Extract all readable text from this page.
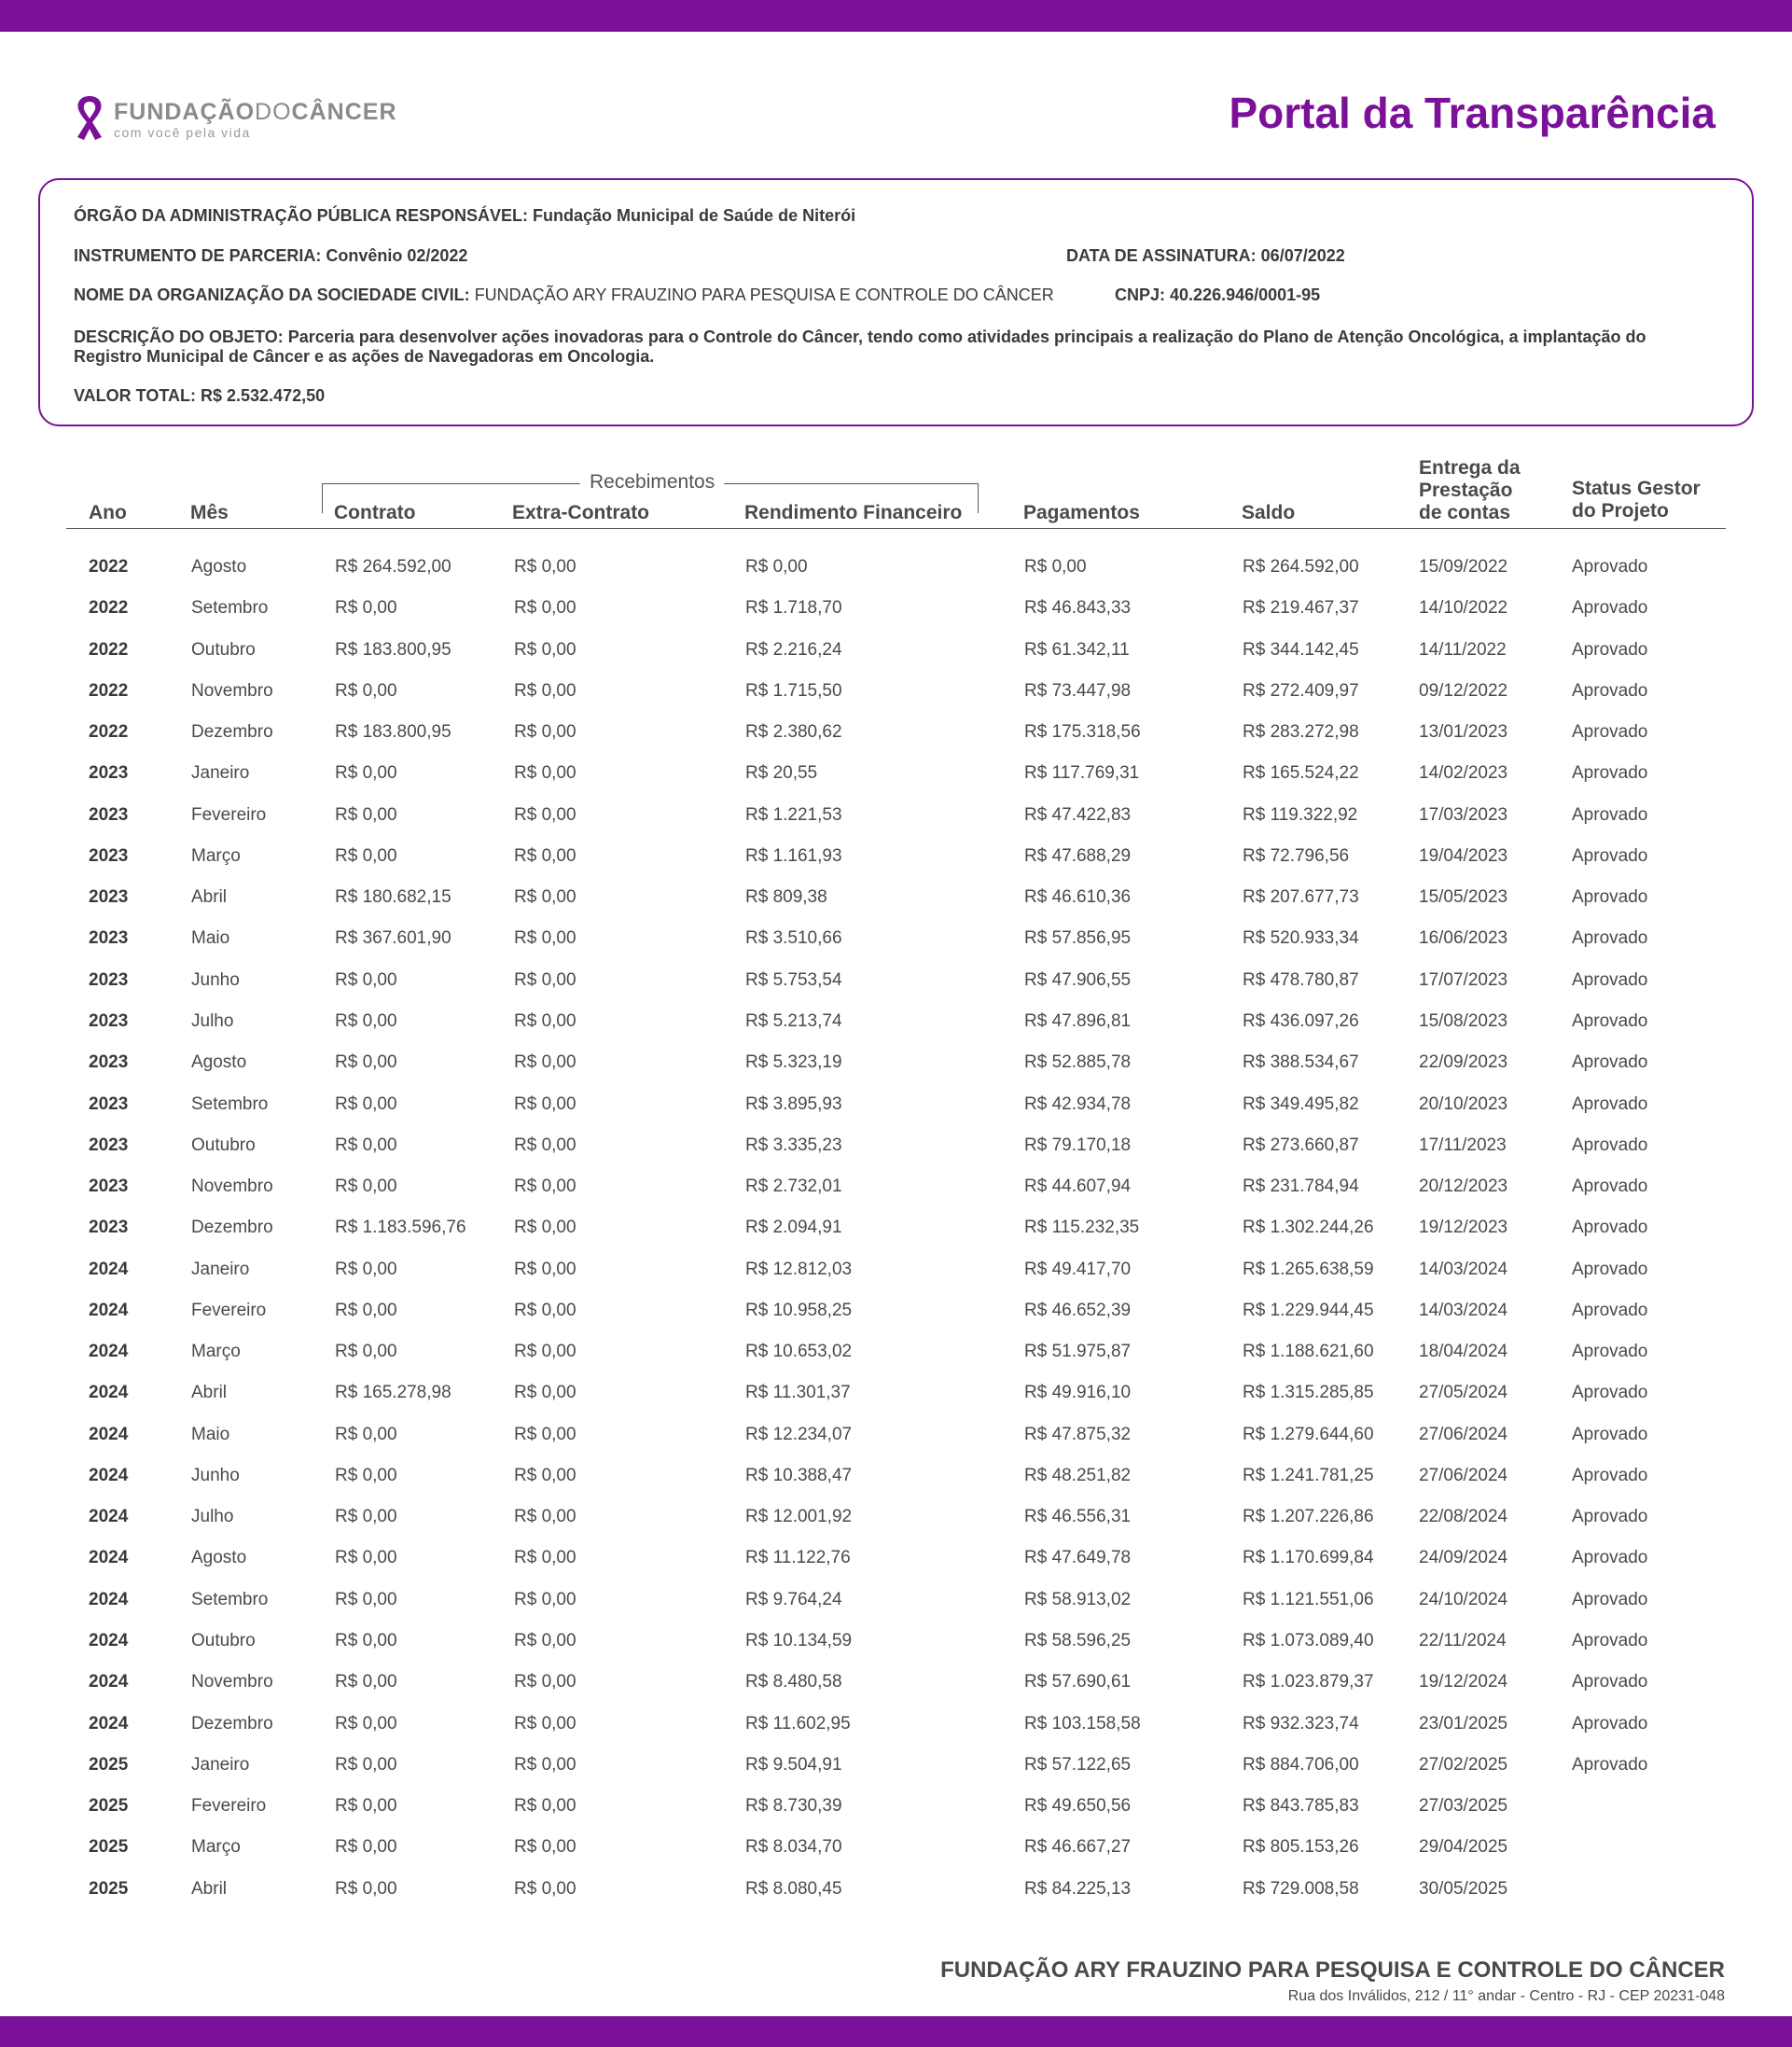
FUNDAÇÃODOCÂNCER
com você pela vida	Portal da Transparência
ÓRGÃO DA ADMINISTRAÇÃO PÚBLICA RESPONSÁVEL: Fundação Municipal de Saúde de Niterói
INSTRUMENTO DE PARCERIA: Convênio 02/2022	DATA DE ASSINATURA: 06/07/2022
NOME DA ORGANIZAÇÃO DA SOCIEDADE CIVIL: FUNDAÇÃO ARY FRAUZINO PARA PESQUISA E CONTROLE DO CÂNCER	CNPJ: 40.226.946/0001-95
DESCRIÇÃO DO OBJETO: Parceria para desenvolver ações inovadoras para o Controle do Câncer, tendo como atividades principais a realização do Plano de Atenção Oncológica, a implantação do Registro Municipal de Câncer e as ações de Navegadoras em Oncologia.
VALOR TOTAL: R$ 2.532.472,50
Recebimentos
Ano	Mês	Contrato	Extra-Contrato	Rendimento Financeiro	Pagamentos	Saldo
Entrega da
Prestação
de contas
Status Gestor
do Projeto
2022	Agosto	R$ 264.592,00	R$ 0,00	R$ 0,00	R$ 0,00	R$ 264.592,00	15/09/2022	Aprovado
2022	Setembro	R$ 0,00	R$ 0,00	R$ 1.718,70	R$ 46.843,33	R$ 219.467,37	14/10/2022	Aprovado
2022	Outubro	R$ 183.800,95	R$ 0,00	R$ 2.216,24	R$ 61.342,11	R$ 344.142,45	14/11/2022	Aprovado
2022	Novembro	R$ 0,00	R$ 0,00	R$ 1.715,50	R$ 73.447,98	R$ 272.409,97	09/12/2022	Aprovado
2022	Dezembro	R$ 183.800,95	R$ 0,00	R$ 2.380,62	R$ 175.318,56	R$ 283.272,98	13/01/2023	Aprovado
2023	Janeiro	R$ 0,00	R$ 0,00	R$ 20,55	R$ 117.769,31	R$ 165.524,22	14/02/2023	Aprovado
2023	Fevereiro	R$ 0,00	R$ 0,00	R$ 1.221,53	R$ 47.422,83	R$ 119.322,92	17/03/2023	Aprovado
2023	Março	R$ 0,00	R$ 0,00	R$ 1.161,93	R$ 47.688,29	R$ 72.796,56	19/04/2023	Aprovado
2023	Abril	R$ 180.682,15	R$ 0,00	R$ 809,38	R$ 46.610,36	R$ 207.677,73	15/05/2023	Aprovado
2023	Maio	R$ 367.601,90	R$ 0,00	R$ 3.510,66	R$ 57.856,95	R$ 520.933,34	16/06/2023	Aprovado
2023	Junho	R$ 0,00	R$ 0,00	R$ 5.753,54	R$ 47.906,55	R$ 478.780,87	17/07/2023	Aprovado
2023	Julho	R$ 0,00	R$ 0,00	R$ 5.213,74	R$ 47.896,81	R$ 436.097,26	15/08/2023	Aprovado
2023	Agosto	R$ 0,00	R$ 0,00	R$ 5.323,19	R$ 52.885,78	R$ 388.534,67	22/09/2023	Aprovado
2023	Setembro	R$ 0,00	R$ 0,00	R$ 3.895,93	R$ 42.934,78	R$ 349.495,82	20/10/2023	Aprovado
2023	Outubro	R$ 0,00	R$ 0,00	R$ 3.335,23	R$ 79.170,18	R$ 273.660,87	17/11/2023	Aprovado
2023	Novembro	R$ 0,00	R$ 0,00	R$ 2.732,01	R$ 44.607,94	R$ 231.784,94	20/12/2023	Aprovado
2023	Dezembro	R$ 1.183.596,76	R$ 0,00	R$ 2.094,91	R$ 115.232,35	R$ 1.302.244,26	19/12/2023	Aprovado
2024	Janeiro	R$ 0,00	R$ 0,00	R$ 12.812,03	R$ 49.417,70	R$ 1.265.638,59	14/03/2024	Aprovado
2024	Fevereiro	R$ 0,00	R$ 0,00	R$ 10.958,25	R$ 46.652,39	R$ 1.229.944,45	14/03/2024	Aprovado
2024	Março	R$ 0,00	R$ 0,00	R$ 10.653,02	R$ 51.975,87	R$ 1.188.621,60	18/04/2024	Aprovado
2024	Abril	R$ 165.278,98	R$ 0,00	R$ 11.301,37	R$ 49.916,10	R$ 1.315.285,85	27/05/2024	Aprovado
2024	Maio	R$ 0,00	R$ 0,00	R$ 12.234,07	R$ 47.875,32	R$ 1.279.644,60	27/06/2024	Aprovado
2024	Junho	R$ 0,00	R$ 0,00	R$ 10.388,47	R$ 48.251,82	R$ 1.241.781,25	27/06/2024	Aprovado
2024	Julho	R$ 0,00	R$ 0,00	R$ 12.001,92	R$ 46.556,31	R$ 1.207.226,86	22/08/2024	Aprovado
2024	Agosto	R$ 0,00	R$ 0,00	R$ 11.122,76	R$ 47.649,78	R$ 1.170.699,84	24/09/2024	Aprovado
2024	Setembro	R$ 0,00	R$ 0,00	R$ 9.764,24	R$ 58.913,02	R$ 1.121.551,06	24/10/2024	Aprovado
2024	Outubro	R$ 0,00	R$ 0,00	R$ 10.134,59	R$ 58.596,25	R$ 1.073.089,40	22/11/2024	Aprovado
2024	Novembro	R$ 0,00	R$ 0,00	R$ 8.480,58	R$ 57.690,61	R$ 1.023.879,37	19/12/2024	Aprovado
2024	Dezembro	R$ 0,00	R$ 0,00	R$ 11.602,95	R$ 103.158,58	R$ 932.323,74	23/01/2025	Aprovado
2025	Janeiro	R$ 0,00	R$ 0,00	R$ 9.504,91	R$ 57.122,65	R$ 884.706,00	27/02/2025	Aprovado
2025	Fevereiro	R$ 0,00	R$ 0,00	R$ 8.730,39	R$ 49.650,56	R$ 843.785,83	27/03/2025
2025	Março	R$ 0,00	R$ 0,00	R$ 8.034,70	R$ 46.667,27	R$ 805.153,26	29/04/2025
2025	Abril	R$ 0,00	R$ 0,00	R$ 8.080,45	R$ 84.225,13	R$ 729.008,58	30/05/2025
FUNDAÇÃO ARY FRAUZINO PARA PESQUISA E CONTROLE DO CÂNCER
Rua dos Inválidos, 212 / 11° andar - Centro - RJ - CEP 20231-048
